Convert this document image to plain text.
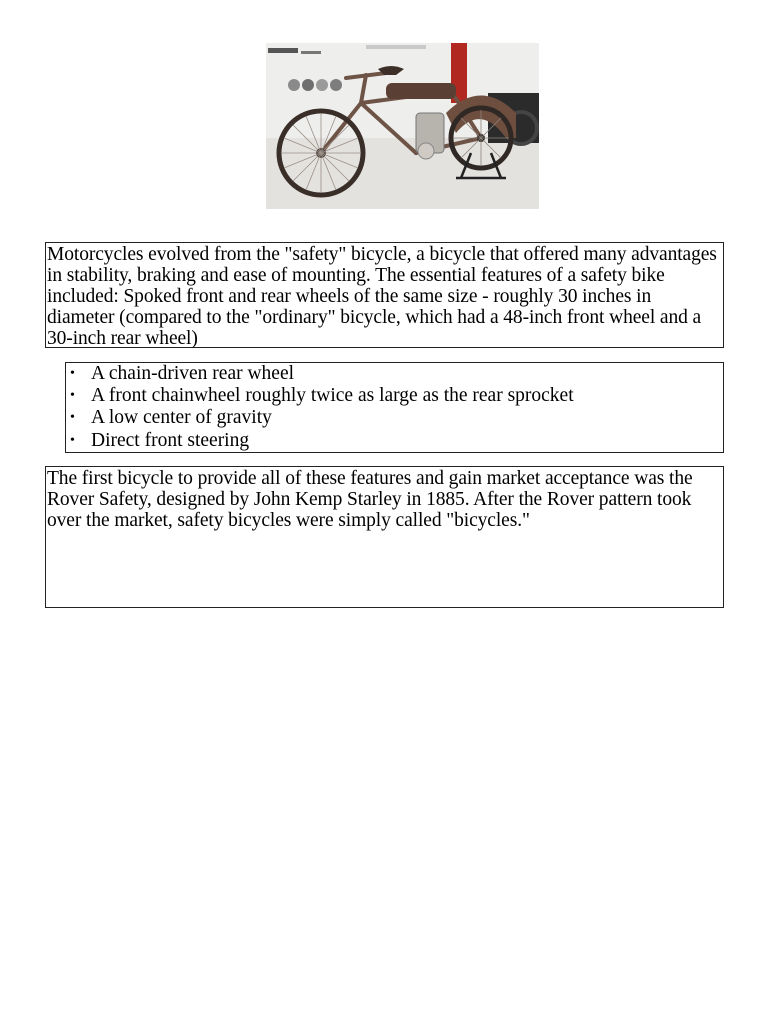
Motorcycles evolved from the "safety" bicycle, a bicycle that offered many advantages in stability, braking and ease of mounting. The essential features of a safety bike included: Spoked front and rear wheels of the same size - roughly 30 inches in diameter (compared to the "ordinary" bicycle, which had a 48-inch front wheel and a 30-inch rear wheel)
• A chain-driven rear wheel
• A front chainwheel roughly twice as large as the rear sprocket
• A low center of gravity
• Direct front steering
The first bicycle to provide all of these features and gain market acceptance was the Rover Safety, designed by John Kemp Starley in 1885. After the Rover pattern took over the market, safety bicycles were simply called "bicycles."
